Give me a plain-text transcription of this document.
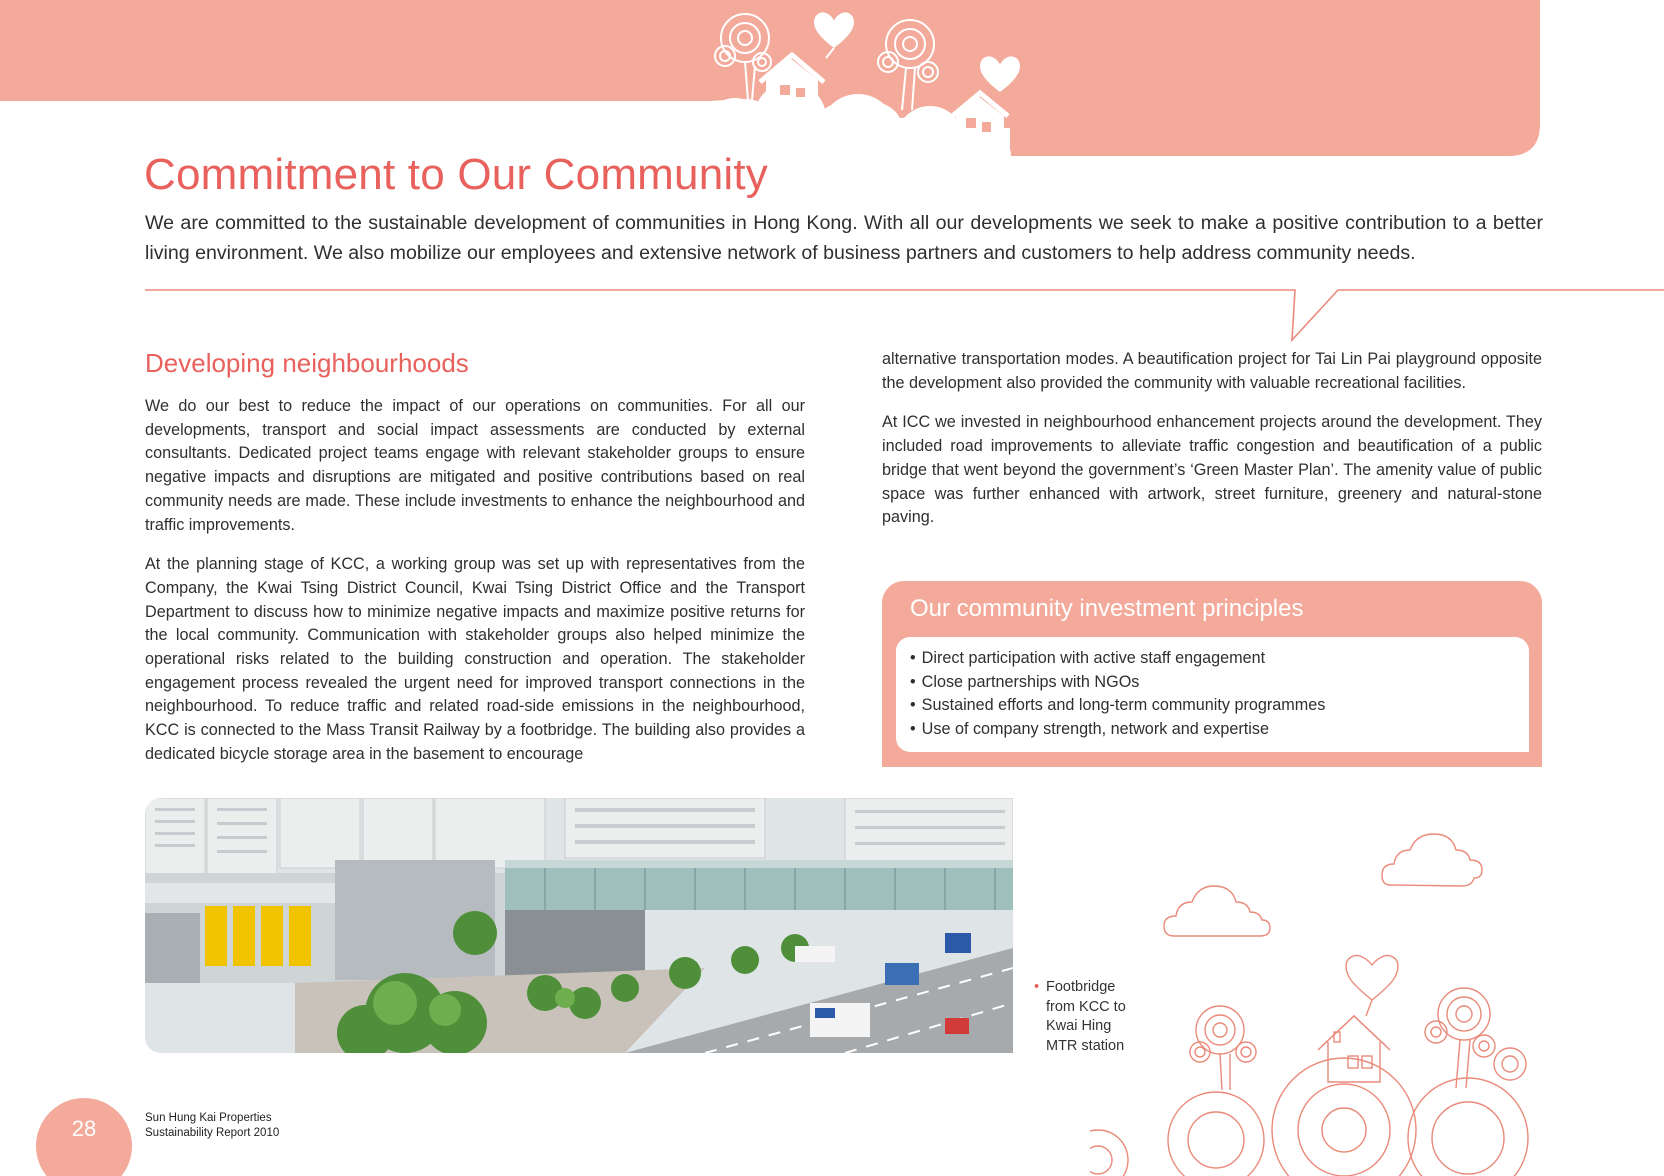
Commitment to Our Community

We are committed to the sustainable development of communities in Hong Kong. With all our developments we seek to make a positive contribution to a better living environment. We also mobilize our employees and extensive network of business partners and customers to help address community needs.

Developing neighbourhoods

We do our best to reduce the impact of our operations on communities. For all our developments, transport and social impact assessments are conducted by external consultants. Dedicated project teams engage with relevant stakeholder groups to ensure negative impacts and disruptions are mitigated and positive contributions based on real community needs are made. These include investments to enhance the neighbourhood and traffic improvements.

At the planning stage of KCC, a working group was set up with representatives from the Company, the Kwai Tsing District Council, Kwai Tsing District Office and the Transport Department to discuss how to minimize negative impacts and maximize positive returns for the local community. Communication with stakeholder groups also helped minimize the operational risks related to the building construction and operation. The stakeholder engagement process revealed the urgent need for improved transport connections in the neighbourhood. To reduce traffic and related road-side emissions in the neighbourhood, KCC is connected to the Mass Transit Railway by a footbridge. The building also provides a dedicated bicycle storage area in the basement to encourage

alternative transportation modes. A beautification project for Tai Lin Pai playground opposite the development also provided the community with valuable recreational facilities.

At ICC we invested in neighbourhood enhancement projects around the development. They included road improvements to alleviate traffic congestion and beautification of a public bridge that went beyond the government’s ‘Green Master Plan’. The amenity value of public space was further enhanced with artwork, street furniture, greenery and natural-stone paving.

Our community investment principles
• Direct participation with active staff engagement
• Close partnerships with NGOs
• Sustained efforts and long-term community programmes
• Use of company strength, network and expertise
• Footbridge
from KCC to
Kwai Hing
MTR station
28	Sun Hung Kai Properties
Sustainability Report 2010
